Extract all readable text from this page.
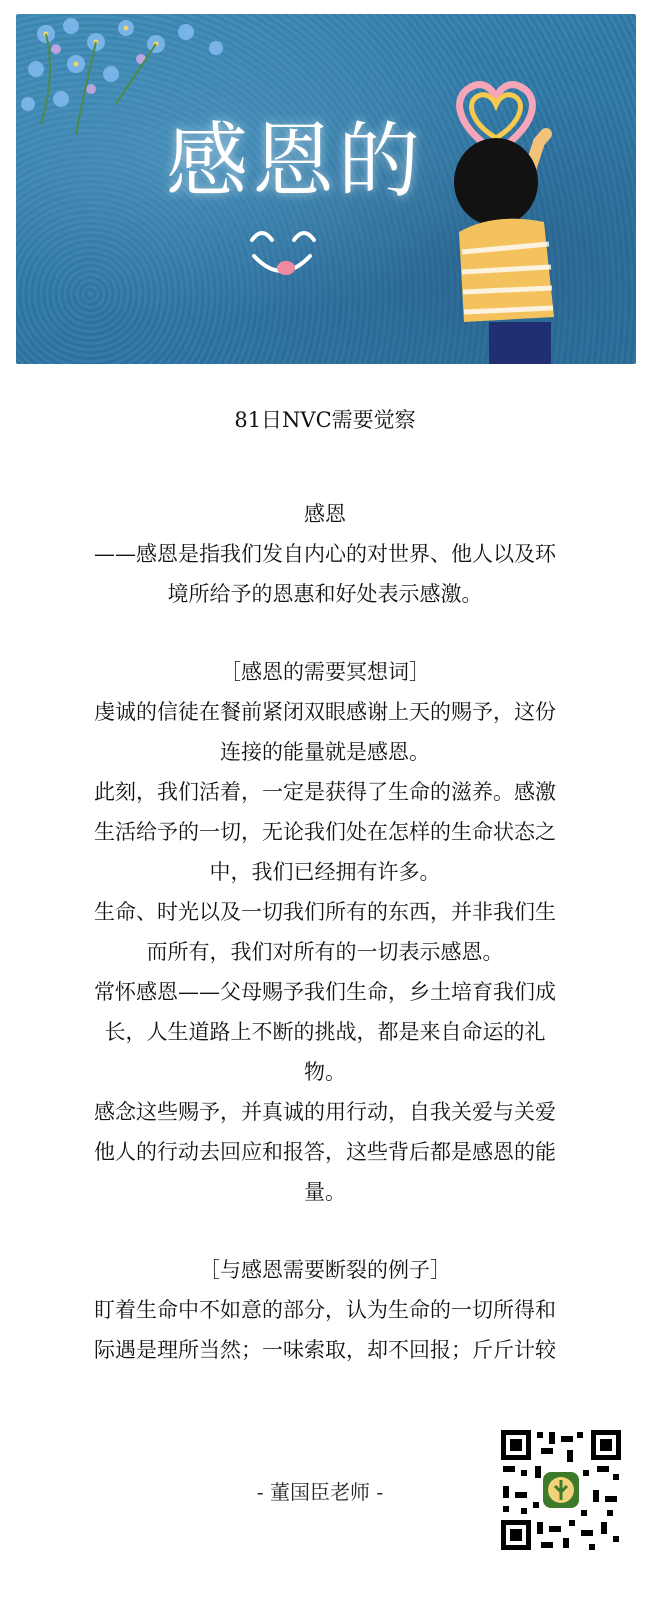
感恩的

81日NVC需要觉察

感恩

——感恩是指我们发自内心的对世界、他人以及环境所给予的恩惠和好处表示感激。

［感恩的需要冥想词］

虔诚的信徒在餐前紧闭双眼感谢上天的赐予，这份连接的能量就是感恩。

此刻，我们活着，一定是获得了生命的滋养。感激生活给予的一切，无论我们处在怎样的生命状态之中，我们已经拥有许多。

生命、时光以及一切我们所有的东西，并非我们生而所有，我们对所有的一切表示感恩。

常怀感恩——父母赐予我们生命，乡土培育我们成长，人生道路上不断的挑战，都是来自命运的礼物。

感念这些赐予，并真诚的用行动，自我关爱与关爱他人的行动去回应和报答，这些背后都是感恩的能量。

［与感恩需要断裂的例子］

盯着生命中不如意的部分，认为生命的一切所得和际遇是理所当然；一味索取，却不回报；斤斤计较

- 董国臣老师 -
